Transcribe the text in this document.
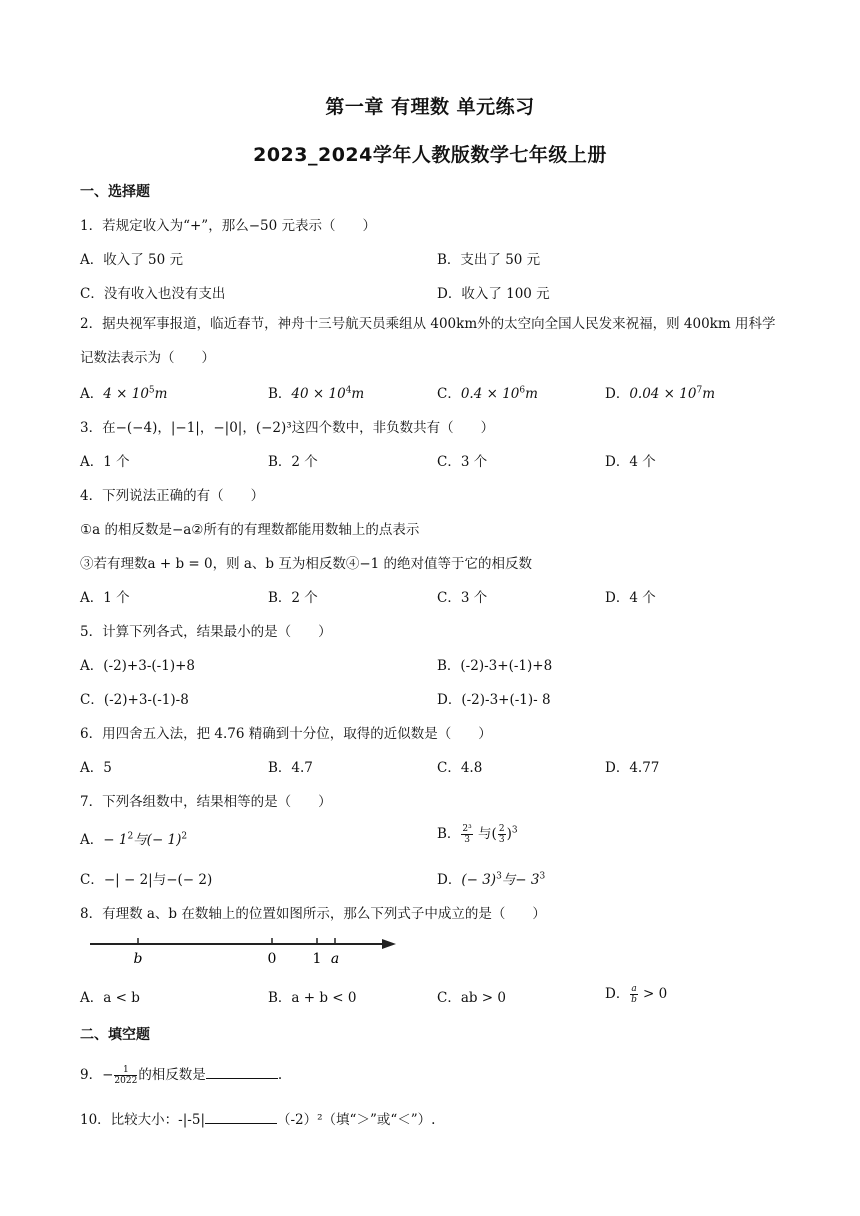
第一章 有理数 单元练习
2023_2024学年人教版数学七年级上册
一、选择题
1．若规定收入为“+”，那么−50 元表示（　　）
A．收入了 50 元	B．支出了 50 元
C．没有收入也没有支出	D．收入了 100 元
2．据央视军事报道，临近春节，神舟十三号航天员乘组从 400km外的太空向全国人民发来祝福，则 400km 用科学记数法表示为（　　）
A．$4 \times 10^5m$	B．$40 \times 10^4m$	C．$0.4 \times 10^6m$	D．$0.04 \times 10^7m$
3．在−(−4)，|−1|，−|0|，(−2)³这四个数中，非负数共有（　　）
A．1 个	B．2 个	C．3 个	D．4 个
4．下列说法正确的有（　　）
①a 的相反数是−a②所有的有理数都能用数轴上的点表示
③若有理数a + b = 0，则 a、b 互为相反数④−1 的绝对值等于它的相反数
A．1 个	B．2 个	C．3 个	D．4 个
5．计算下列各式，结果最小的是（　　）
A．(-2)+3-(-1)+8	B．(-2)-3+(-1)+8
C．(-2)+3-(-1)-8	D．(-2)-3+(-1)- 8
6．用四舍五入法，把 4.76 精确到十分位，取得的近似数是（　　）
A．5	B．4.7	C．4.8	D．4.77
7．下列各组数中，结果相等的是（　　）
A．− $1^2$与(− 1)$^2$	B． $\frac{\text{2³}}{3}$ 与( $\frac{2}{3} )^3$
C．−| − 2|与−(− 2)	D．(− 3)$^3$与− $3^3$
8．有理数 a、b 在数轴上的位置如图所示，那么下列式子中成立的是（　　）
b	0	1 a
A．a < b	B．a + b < 0	C．ab > 0	D． $\frac{a}{b} > 0$
二、填空题
9．− $\frac{1}{2022}$ 的相反数是	.
10．比较大小：-|-5|	（-2）²（填“＞”或“＜”）.
